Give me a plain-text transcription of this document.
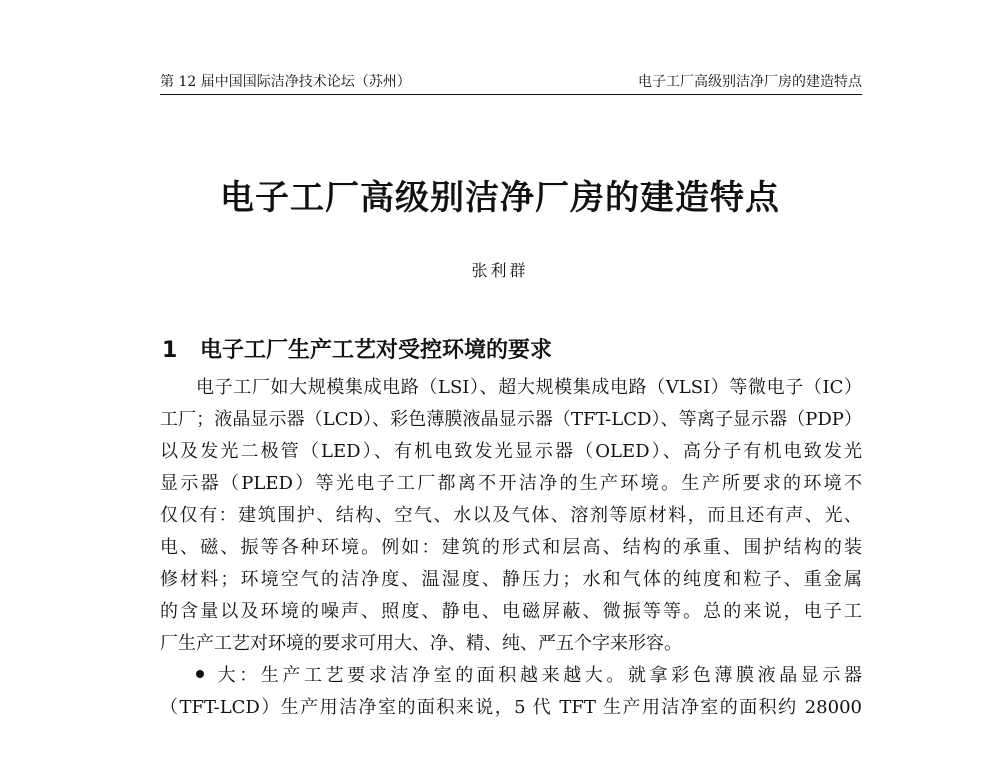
第 12 届中国国际洁净技术论坛（苏州）	电子工厂高级别洁净厂房的建造特点
电子工厂高级别洁净厂房的建造特点
张利群
1 电子工厂生产工艺对受控环境的要求
电子工厂如大规模集成电路（LSI）、超大规模集成电路（VLSI）等微电子（IC）
工厂；液晶显示器（LCD）、彩色薄膜液晶显示器（TFT-LCD）、等离子显示器（PDP）
以及发光二极管（LED）、有机电致发光显示器（OLED）、高分子有机电致发光
显示器（PLED）等光电子工厂都离不开洁净的生产环境。生产所要求的环境不
仅仅有：建筑围护、结构、空气、水以及气体、溶剂等原材料，而且还有声、光、
电、磁、振等各种环境。例如：建筑的形式和层高、结构的承重、围护结构的装
修材料；环境空气的洁净度、温湿度、静压力；水和气体的纯度和粒子、重金属
的含量以及环境的噪声、照度、静电、电磁屏蔽、微振等等。总的来说，电子工
厂生产工艺对环境的要求可用大、净、精、纯、严五个字来形容。
大：生产工艺要求洁净室的面积越来越大。就拿彩色薄膜液晶显示器
（TFT-LCD）生产用洁净室的面积来说，5 代 TFT 生产用洁净室的面积约 28000
